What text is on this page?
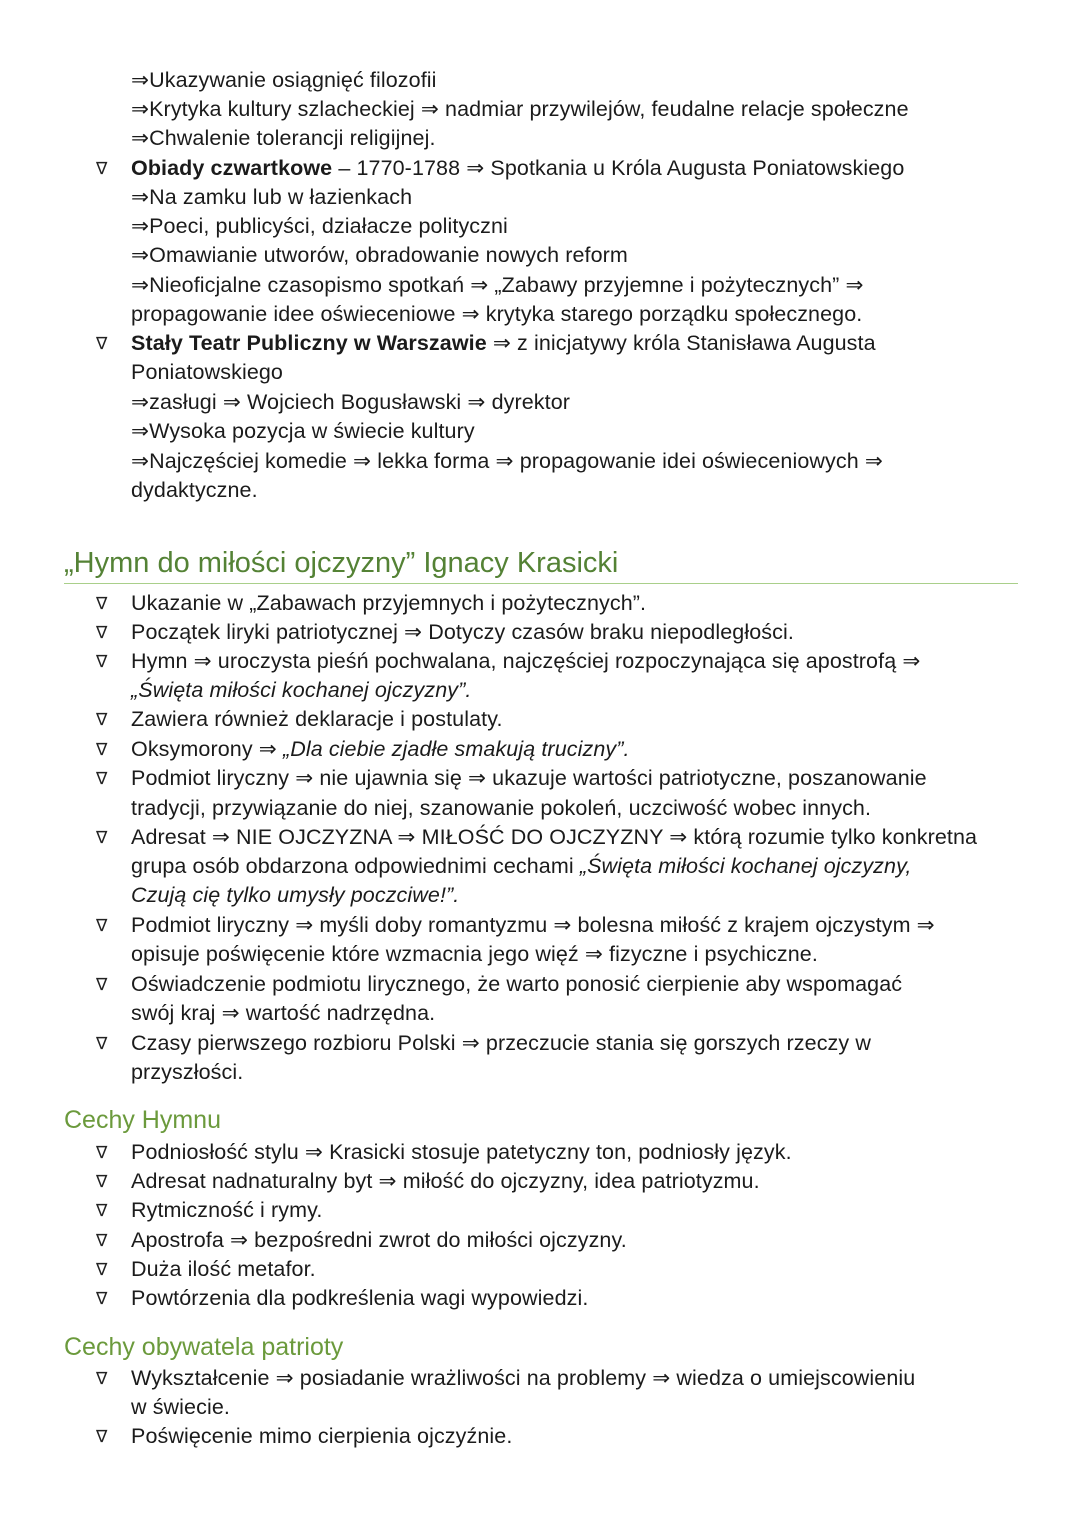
⇒Ukazywanie osiągnięć filozofii
⇒Krytyka kultury szlacheckiej ⇒ nadmiar przywilejów, feudalne relacje społeczne
⇒Chwalenie tolerancji religijnej.
∇ Obiady czwartkowe – 1770-1788 ⇒ Spotkania u Króla Augusta Poniatowskiego
⇒Na zamku lub w łazienkach
⇒Poeci, publicyści, działacze polityczni
⇒Omawianie utworów, obradowanie nowych reform
⇒Nieoficjalne czasopismo spotkań ⇒ „Zabawy przyjemne i pożytecznych” ⇒
propagowanie idee oświeceniowe ⇒ krytyka starego porządku społecznego.
∇ Stały Teatr Publiczny w Warszawie ⇒ z inicjatywy króla Stanisława Augusta
Poniatowskiego
⇒zasługi ⇒ Wojciech Bogusławski ⇒ dyrektor
⇒Wysoka pozycja w świecie kultury
⇒Najczęściej komedie ⇒ lekka forma ⇒ propagowanie idei oświeceniowych ⇒
dydaktyczne.
„Hymn do miłości ojczyzny” Ignacy Krasicki
∇ Ukazanie w „Zabawach przyjemnych i pożytecznych”.
∇ Początek liryki patriotycznej ⇒ Dotyczy czasów braku niepodległości.
∇ Hymn ⇒ uroczysta pieśń pochwalana, najczęściej rozpoczynająca się apostrofą ⇒
„Święta miłości kochanej ojczyzny”.
∇ Zawiera również deklaracje i postulaty.
∇ Oksymorony ⇒ „Dla ciebie zjadłe smakują trucizny”.
∇ Podmiot liryczny ⇒ nie ujawnia się ⇒ ukazuje wartości patriotyczne, poszanowanie
tradycji, przywiązanie do niej, szanowanie pokoleń, uczciwość wobec innych.
∇ Adresat ⇒ NIE OJCZYZNA ⇒ MIŁOŚĆ DO OJCZYZNY ⇒ którą rozumie tylko konkretna
grupa osób obdarzona odpowiednimi cechami „Święta miłości kochanej ojczyzny,
Czują cię tylko umysły poczciwe!”.
∇ Podmiot liryczny ⇒ myśli doby romantyzmu ⇒ bolesna miłość z krajem ojczystym ⇒
opisuje poświęcenie które wzmacnia jego więź ⇒ fizyczne i psychiczne.
∇ Oświadczenie podmiotu lirycznego, że warto ponosić cierpienie aby wspomagać
swój kraj ⇒ wartość nadrzędna.
∇ Czasy pierwszego rozbioru Polski ⇒ przeczucie stania się gorszych rzeczy w
przyszłości.
Cechy Hymnu
∇ Podniosłość stylu ⇒ Krasicki stosuje patetyczny ton, podniosły język.
∇ Adresat nadnaturalny byt ⇒ miłość do ojczyzny, idea patriotyzmu.
∇ Rytmiczność i rymy.
∇ Apostrofa ⇒ bezpośredni zwrot do miłości ojczyzny.
∇ Duża ilość metafor.
∇ Powtórzenia dla podkreślenia wagi wypowiedzi.
Cechy obywatela patrioty
∇ Wykształcenie ⇒ posiadanie wrażliwości na problemy ⇒ wiedza o umiejscowieniu
w świecie.
∇ Poświęcenie mimo cierpienia ojczyźnie.
